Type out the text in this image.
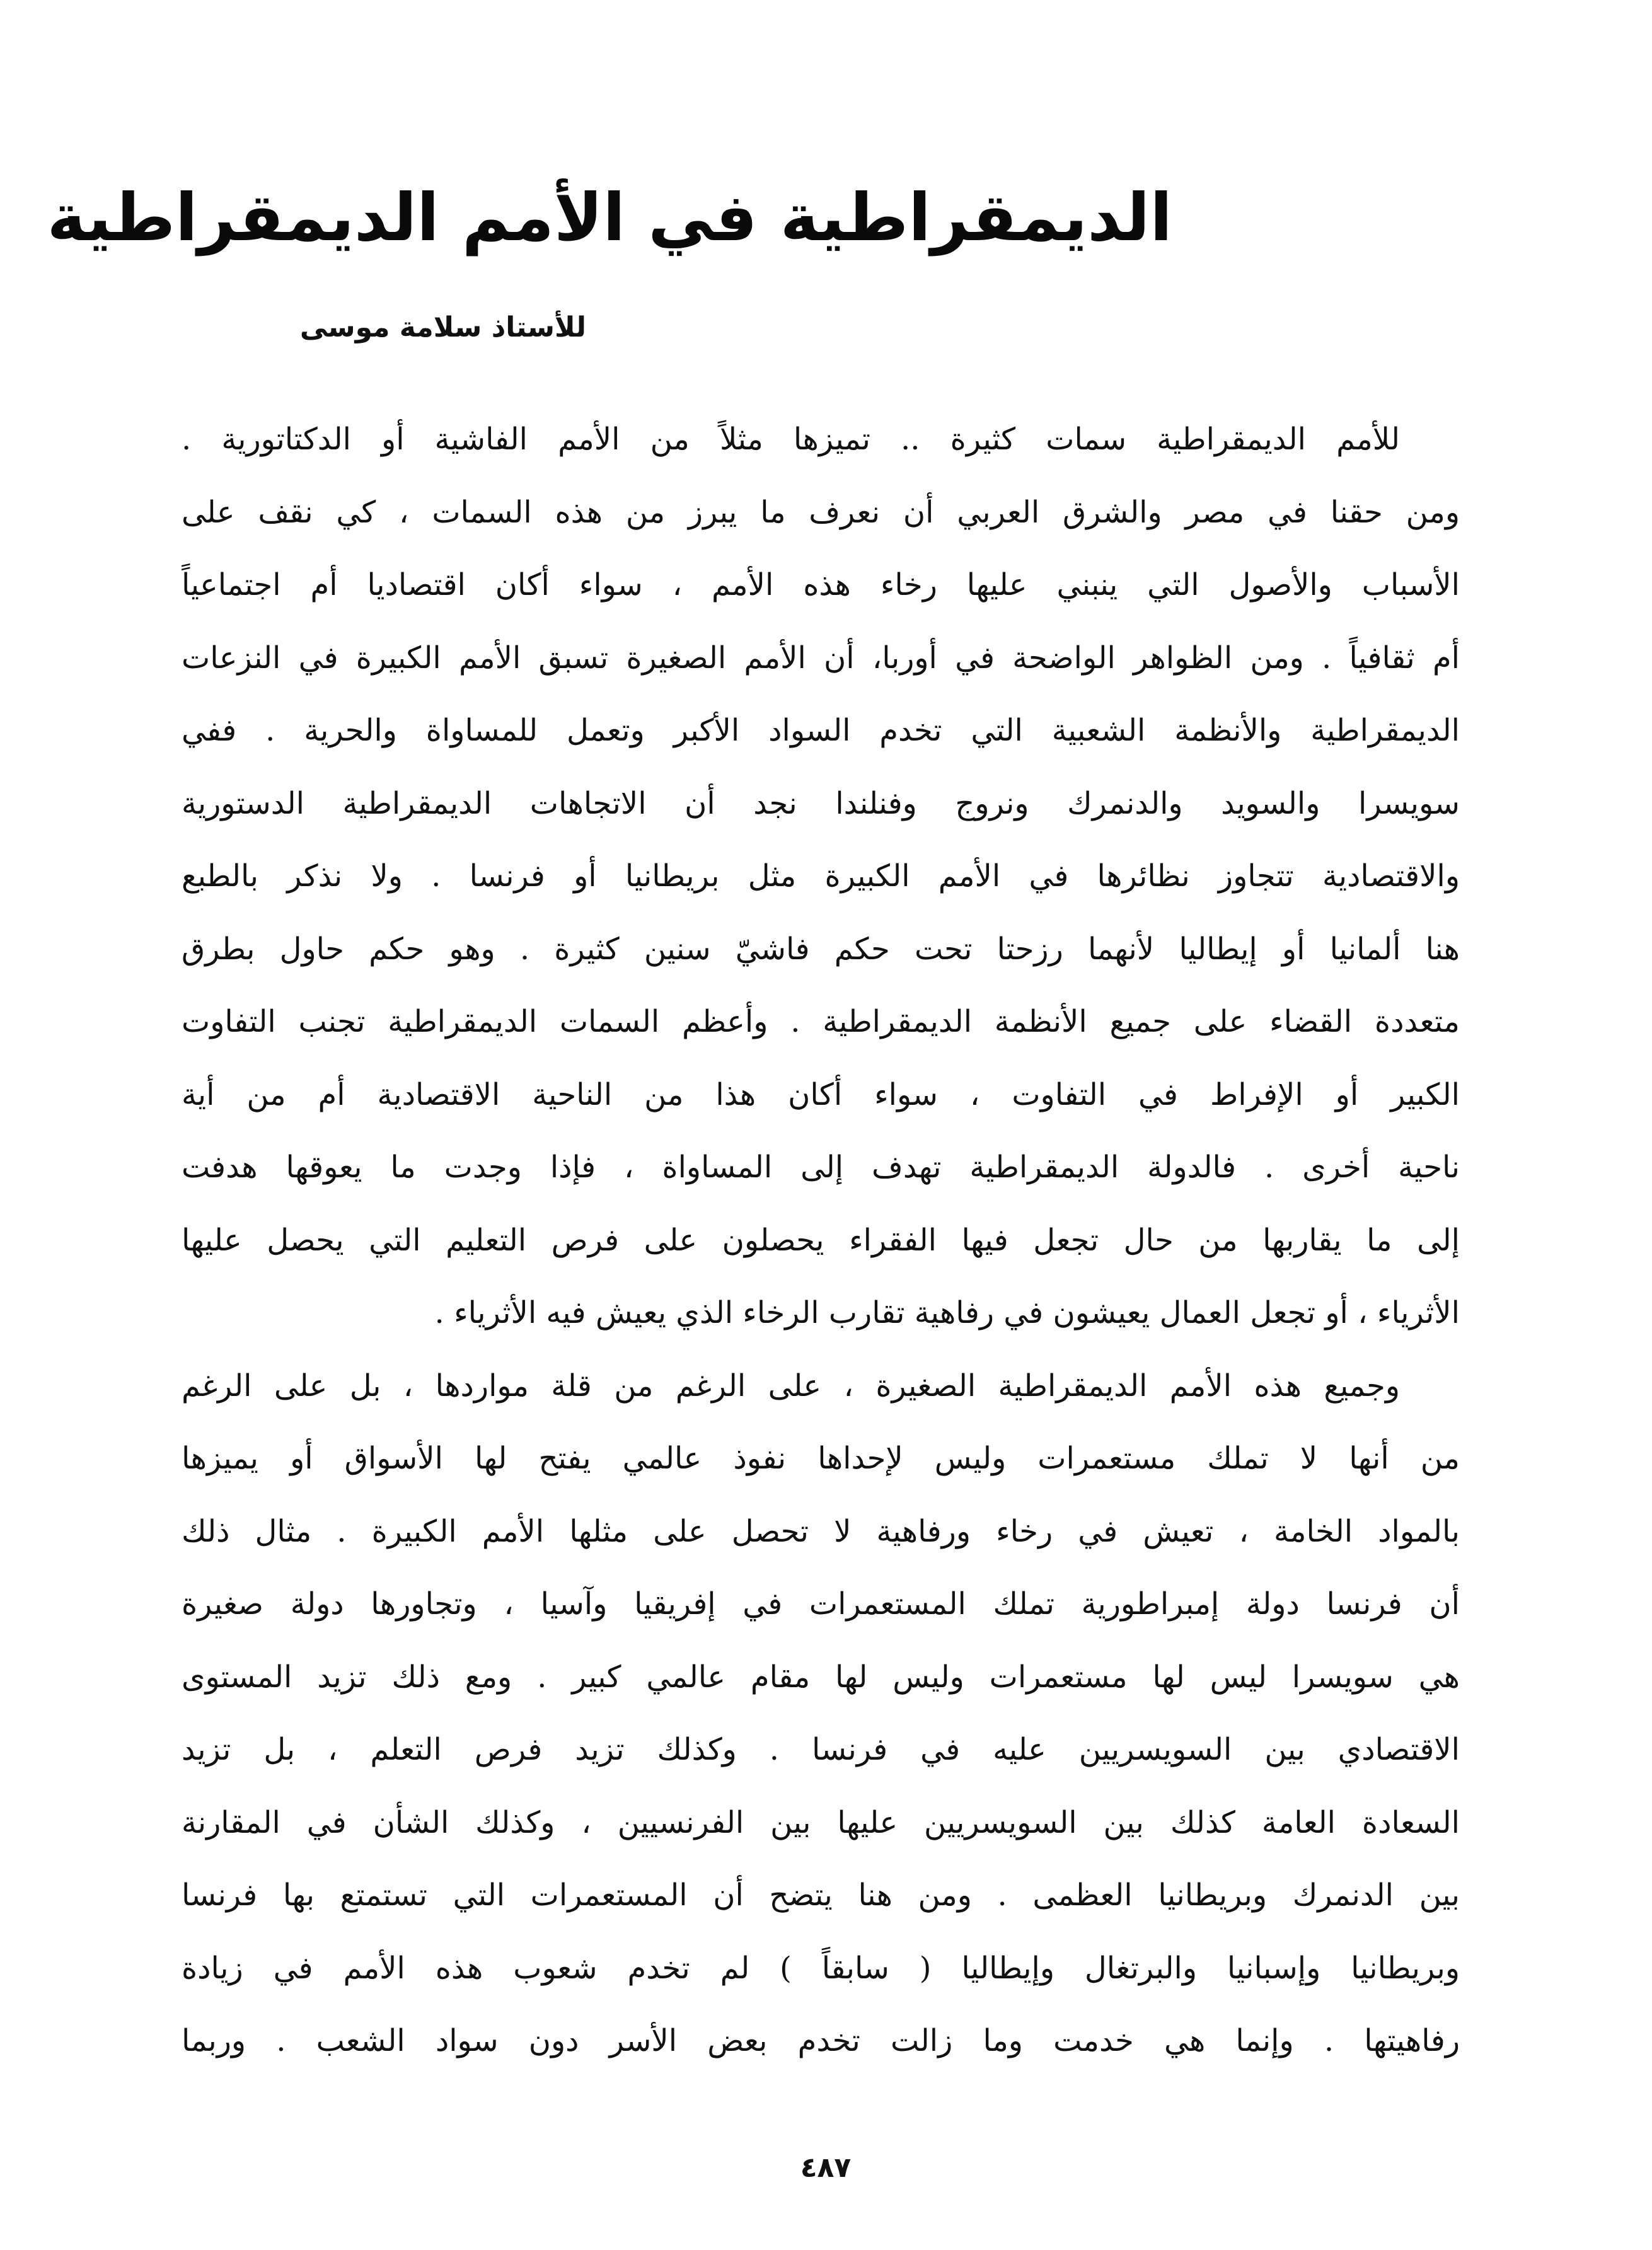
الديمقراطية في الأمم الديمقراطية
للأستاذ سلامة موسى
للأمم الديمقراطية سمات كثيرة .. تميزها مثلاً من الأمم الفاشية أو الدكتاتورية .
ومن حقنا في مصر والشرق العربي أن نعرف ما يبرز من هذه السمات ، كي نقف على
الأسباب والأصول التي ينبني عليها رخاء هذه الأمم ، سواء أكان اقتصاديا أم اجتماعياً
أم ثقافياً . ومن الظواهر الواضحة في أوربا، أن الأمم الصغيرة تسبق الأمم الكبيرة في النزعات
الديمقراطية والأنظمة الشعبية التي تخدم السواد الأكبر وتعمل للمساواة والحرية . ففي
سويسرا والسويد والدنمرك ونروج وفنلندا نجد أن الاتجاهات الديمقراطية الدستورية
والاقتصادية تتجاوز نظائرها في الأمم الكبيرة مثل بريطانيا أو فرنسا . ولا نذكر بالطبع
هنا ألمانيا أو إيطاليا لأنهما رزحتا تحت حكم فاشيّ سنين كثيرة . وهو حكم حاول بطرق
متعددة القضاء على جميع الأنظمة الديمقراطية . وأعظم السمات الديمقراطية تجنب التفاوت
الكبير أو الإفراط في التفاوت ، سواء أكان هذا من الناحية الاقتصادية أم من أية
ناحية أخرى . فالدولة الديمقراطية تهدف إلى المساواة ، فإذا وجدت ما يعوقها هدفت
إلى ما يقاربها من حال تجعل فيها الفقراء يحصلون على فرص التعليم التي يحصل عليها
الأثرياء ، أو تجعل العمال يعيشون في رفاهية تقارب الرخاء الذي يعيش فيه الأثرياء .
وجميع هذه الأمم الديمقراطية الصغيرة ، على الرغم من قلة مواردها ، بل على الرغم
من أنها لا تملك مستعمرات وليس لإحداها نفوذ عالمي يفتح لها الأسواق أو يميزها
بالمواد الخامة ، تعيش في رخاء ورفاهية لا تحصل على مثلها الأمم الكبيرة . مثال ذلك
أن فرنسا دولة إمبراطورية تملك المستعمرات في إفريقيا وآسيا ، وتجاورها دولة صغيرة
هي سويسرا ليس لها مستعمرات وليس لها مقام عالمي كبير . ومع ذلك تزيد المستوى
الاقتصادي بين السويسريين عليه في فرنسا . وكذلك تزيد فرص التعلم ، بل تزيد
السعادة العامة كذلك بين السويسريين عليها بين الفرنسيين ، وكذلك الشأن في المقارنة
بين الدنمرك وبريطانيا العظمى . ومن هنا يتضح أن المستعمرات التي تستمتع بها فرنسا
وبريطانيا وإسبانيا والبرتغال وإيطاليا ( سابقاً ) لم تخدم شعوب هذه الأمم في زيادة
رفاهيتها . وإنما هي خدمت وما زالت تخدم بعض الأسر دون سواد الشعب . وربما
٤٨٧
